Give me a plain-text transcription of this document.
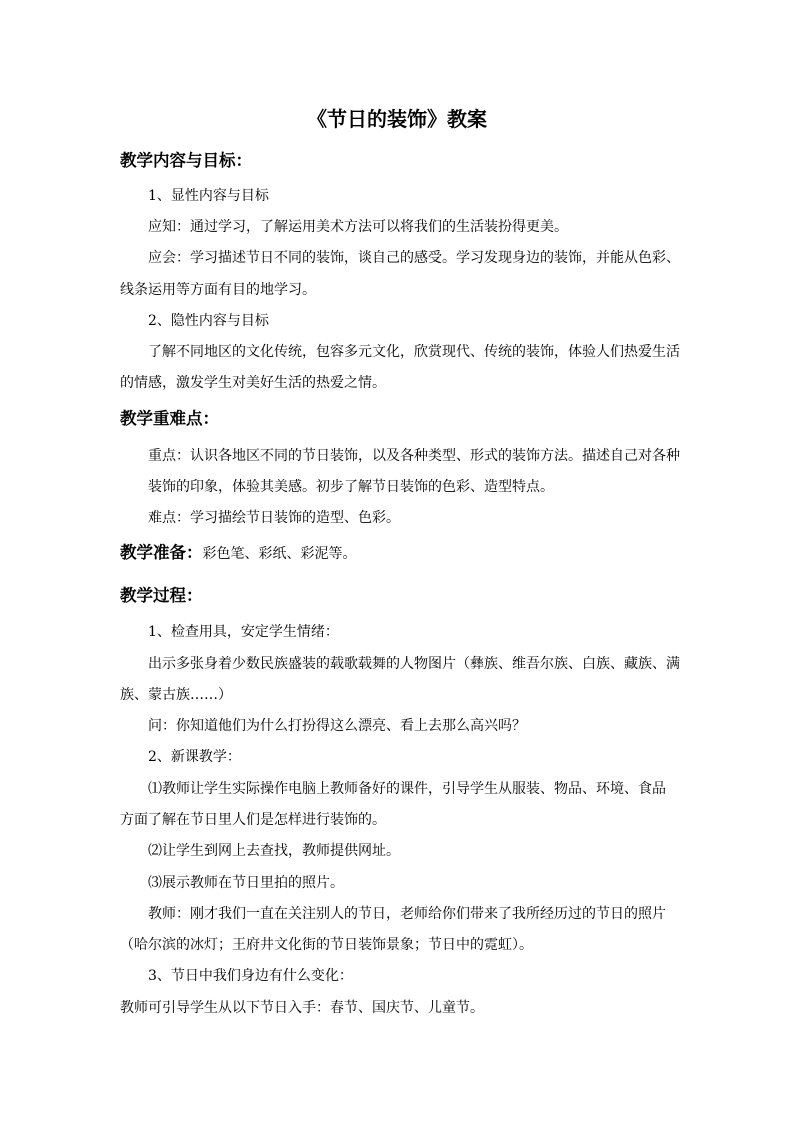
《节日的装饰》教案
教学内容与目标：
1、显性内容与目标
应知：通过学习，了解运用美术方法可以将我们的生活装扮得更美。
应会：学习描述节日不同的装饰，谈自己的感受。学习发现身边的装饰，并能从色彩、
线条运用等方面有目的地学习。
2、隐性内容与目标
了解不同地区的文化传统，包容多元文化，欣赏现代、传统的装饰，体验人们热爱生活
的情感，激发学生对美好生活的热爱之情。
教学重难点：
重点：认识各地区不同的节日装饰，以及各种类型、形式的装饰方法。描述自己对各种
装饰的印象，体验其美感。初步了解节日装饰的色彩、造型特点。
难点：学习描绘节日装饰的造型、色彩。
教学准备：彩色笔、彩纸、彩泥等。
教学过程：
1、检查用具，安定学生情绪：
出示多张身着少数民族盛装的载歌载舞的人物图片（彝族、维吾尔族、白族、藏族、满
族、蒙古族……）
问：你知道他们为什么打扮得这么漂亮、看上去那么高兴吗？
2、新课教学：
⑴教师让学生实际操作电脑上教师备好的课件，引导学生从服装、物品、环境、食品
方面了解在节日里人们是怎样进行装饰的。
⑵让学生到网上去查找，教师提供网址。
⑶展示教师在节日里拍的照片。
教师：刚才我们一直在关注别人的节日，老师给你们带来了我所经历过的节日的照片
（哈尔滨的冰灯；王府井文化街的节日装饰景象；节日中的霓虹）。
3、节日中我们身边有什么变化：
教师可引导学生从以下节日入手：春节、国庆节、儿童节。
